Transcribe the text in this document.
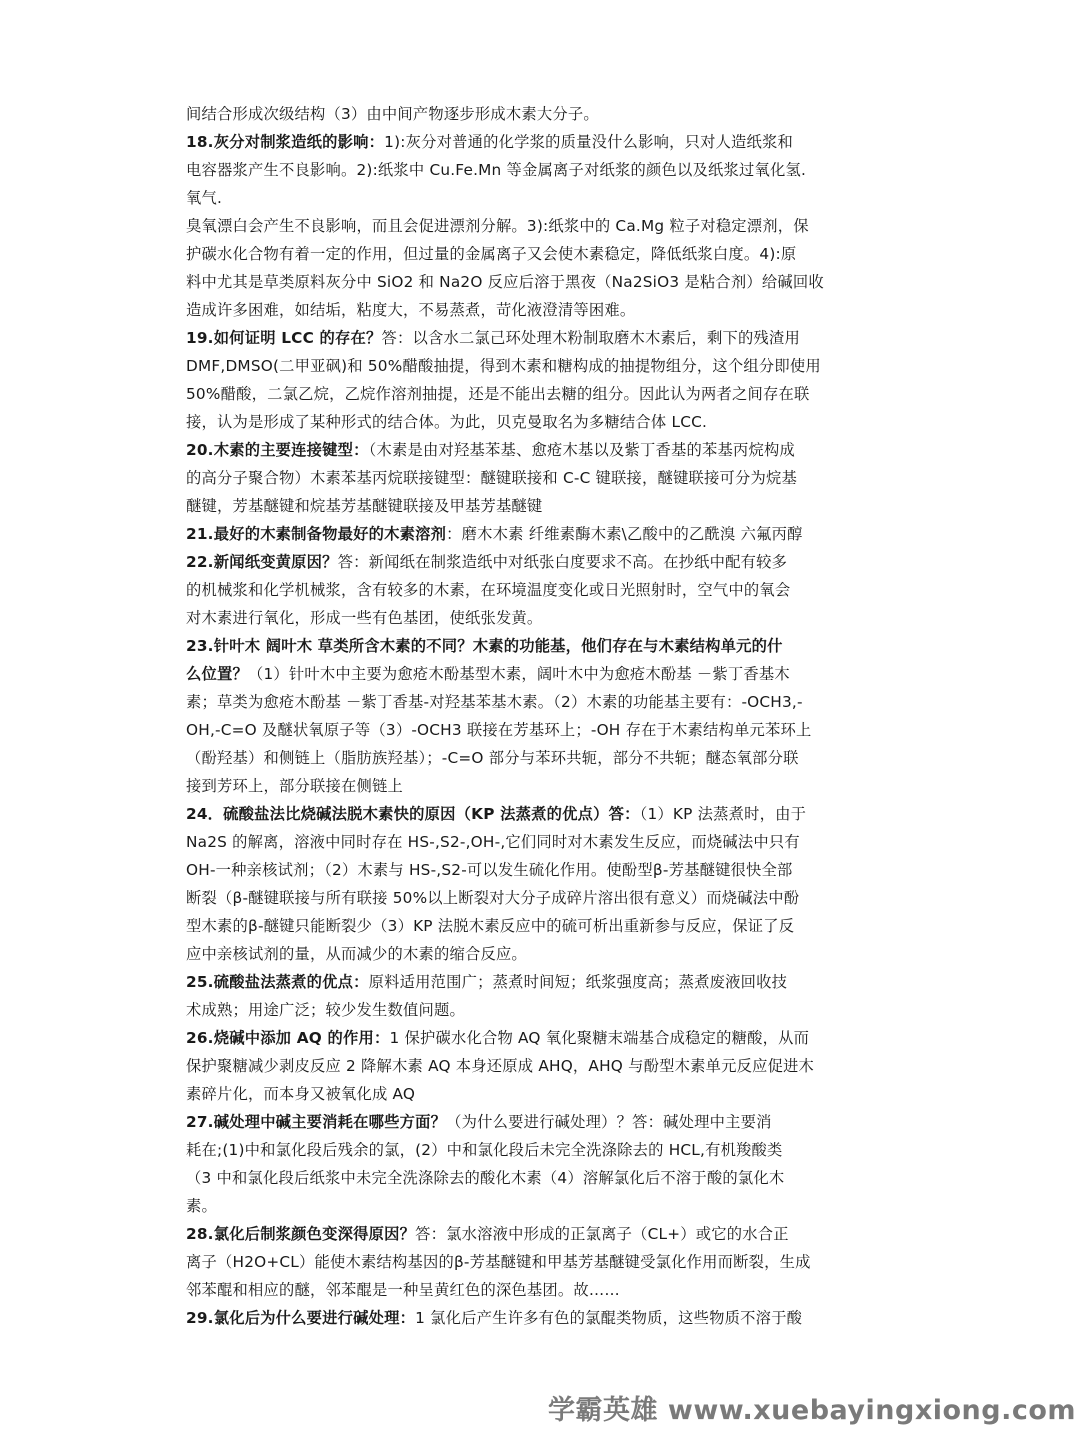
间结合形成次级结构（3）由中间产物逐步形成木素大分子。

18.灰分对制浆造纸的影响：1):灰分对普通的化学浆的质量没什么影响，只对人造纸浆和

电容器浆产生不良影响。2):纸浆中 Cu.Fe.Mn 等金属离子对纸浆的颜色以及纸浆过氧化氢.

氧气.

臭氧漂白会产生不良影响，而且会促进漂剂分解。3):纸浆中的 Ca.Mg 粒子对稳定漂剂，保

护碳水化合物有着一定的作用，但过量的金属离子又会使木素稳定，降低纸浆白度。4):原

料中尤其是草类原料灰分中 SiO2 和 Na2O 反应后溶于黑夜（Na2SiO3 是粘合剂）给碱回收

造成许多困难，如结垢，粘度大，不易蒸煮，苛化液澄清等困难。

19.如何证明 LCC 的存在？答：以含水二氯己环处理木粉制取磨木木素后，剩下的残渣用

DMF,DMSO(二甲亚砜)和 50%醋酸抽提，得到木素和糖构成的抽提物组分，这个组分即使用

50%醋酸，二氯乙烷，乙烷作溶剂抽提，还是不能出去糖的组分。因此认为两者之间存在联

接，认为是形成了某种形式的结合体。为此，贝克曼取名为多糖结合体 LCC.

20.木素的主要连接键型：（木素是由对羟基苯基、愈疮木基以及紫丁香基的苯基丙烷构成

的高分子聚合物）木素苯基丙烷联接键型：醚键联接和 C-C 键联接，醚键联接可分为烷基

醚键，芳基醚键和烷基芳基醚键联接及甲基芳基醚键

21.最好的木素制备物最好的木素溶剂：磨木木素 纤维素酶木素\乙酸中的乙酰溴 六氟丙醇

22.新闻纸变黄原因？答：新闻纸在制浆造纸中对纸张白度要求不高。在抄纸中配有较多

的机械浆和化学机械浆，含有较多的木素，在环境温度变化或日光照射时，空气中的氧会

对木素进行氧化，形成一些有色基团，使纸张发黄。

23.针叶木 阔叶木 草类所含木素的不同？木素的功能基，他们存在与木素结构单元的什

么位置？（1）针叶木中主要为愈疮木酚基型木素，阔叶木中为愈疮木酚基 －紫丁香基木

素；草类为愈疮木酚基 －紫丁香基-对羟基苯基木素。（2）木素的功能基主要有：-OCH3,-

OH,-C=O 及醚状氧原子等（3）-OCH3 联接在芳基环上；-OH 存在于木素结构单元苯环上

（酚羟基）和侧链上（脂肪族羟基）；-C=O 部分与苯环共轭，部分不共轭；醚态氧部分联

接到芳环上，部分联接在侧链上

24．硫酸盐法比烧碱法脱木素快的原因（KP 法蒸煮的优点）答：（1）KP 法蒸煮时，由于

Na2S 的解离，溶液中同时存在 HS-,S2-,OH-,它们同时对木素发生反应，而烧碱法中只有

OH-一种亲核试剂；（2）木素与 HS-,S2-可以发生硫化作用。使酚型β-芳基醚键很快全部

断裂（β-醚键联接与所有联接 50%以上断裂对大分子成碎片溶出很有意义）而烧碱法中酚

型木素的β-醚键只能断裂少（3）KP 法脱木素反应中的硫可析出重新参与反应，保证了反

应中亲核试剂的量，从而减少的木素的缩合反应。

25.硫酸盐法蒸煮的优点：原料适用范围广；蒸煮时间短；纸浆强度高；蒸煮废液回收技

术成熟；用途广泛；较少发生数值问题。

26.烧碱中添加 AQ 的作用：1 保护碳水化合物 AQ 氧化聚糖末端基合成稳定的糖酸，从而

保护聚糖减少剥皮反应 2 降解木素 AQ 本身还原成 AHQ，AHQ 与酚型木素单元反应促进木

素碎片化，而本身又被氧化成 AQ

27.碱处理中碱主要消耗在哪些方面？（为什么要进行碱处理）？答：碱处理中主要消

耗在;(1)中和氯化段后残余的氯，(2）中和氯化段后未完全洗涤除去的 HCL,有机羧酸类

（3 中和氯化段后纸浆中未完全洗涤除去的酸化木素（4）溶解氯化后不溶于酸的氯化木

素。

28.氯化后制浆颜色变深得原因？答：氯水溶液中形成的正氯离子（CL+）或它的水合正

离子（H2O+CL）能使木素结构基因的β-芳基醚键和甲基芳基醚键受氯化作用而断裂，生成

邻苯醌和相应的醚，邻苯醌是一种呈黄红色的深色基团。故……

29.氯化后为什么要进行碱处理：1 氯化后产生许多有色的氯醌类物质，这些物质不溶于酸

学霸英雄 www.xuebayingxiong.com
